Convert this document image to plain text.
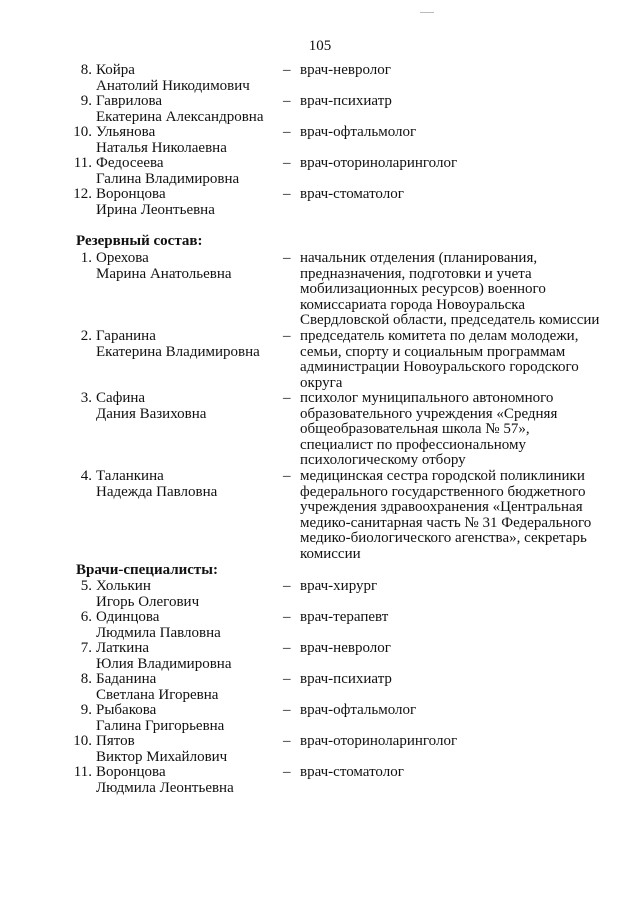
105
8. Койра
Анатолий Никодимович
– врач-невролог
9. Гаврилова
Екатерина Александровна
– врач-психиатр
10. Ульянова
Наталья Николаевна
– врач-офтальмолог
11. Федосеева
Галина Владимировна
– врач-оториноларинголог
12. Воронцова
Ирина Леонтьевна
– врач-стоматолог
Резервный состав:
1. Орехова
Марина Анатольевна
– начальник отделения (планирования,
предназначения, подготовки и учета
мобилизационных ресурсов) военного
комиссариата города Новоуральска
Свердловской области, председатель комиссии
2. Гаранина
Екатерина Владимировна
– председатель комитета по делам молодежи,
семьи, спорту и социальным программам
администрации Новоуральского городского
округа
3. Сафина
Дания Вазиховна
– психолог муниципального автономного
образовательного учреждения «Средняя
общеобразовательная школа № 57»,
специалист по профессиональному
психологическому отбору
4. Таланкина
Надежда Павловна
– медицинская сестра городской поликлиники
федерального государственного бюджетного
учреждения здравоохранения «Центральная
медико-санитарная часть № 31 Федерального
медико-биологического агенства», секретарь
комиссии
Врачи-специалисты:
5. Холькин
Игорь Олегович
– врач-хирург
6. Одинцова
Людмила Павловна
– врач-терапевт
7. Латкина
Юлия Владимировна
– врач-невролог
8. Баданина
Светлана Игоревна
– врач-психиатр
9. Рыбакова
Галина Григорьевна
– врач-офтальмолог
10. Пятов
Виктор Михайлович
– врач-оториноларинголог
11. Воронцова
Людмила Леонтьевна
– врач-стоматолог
